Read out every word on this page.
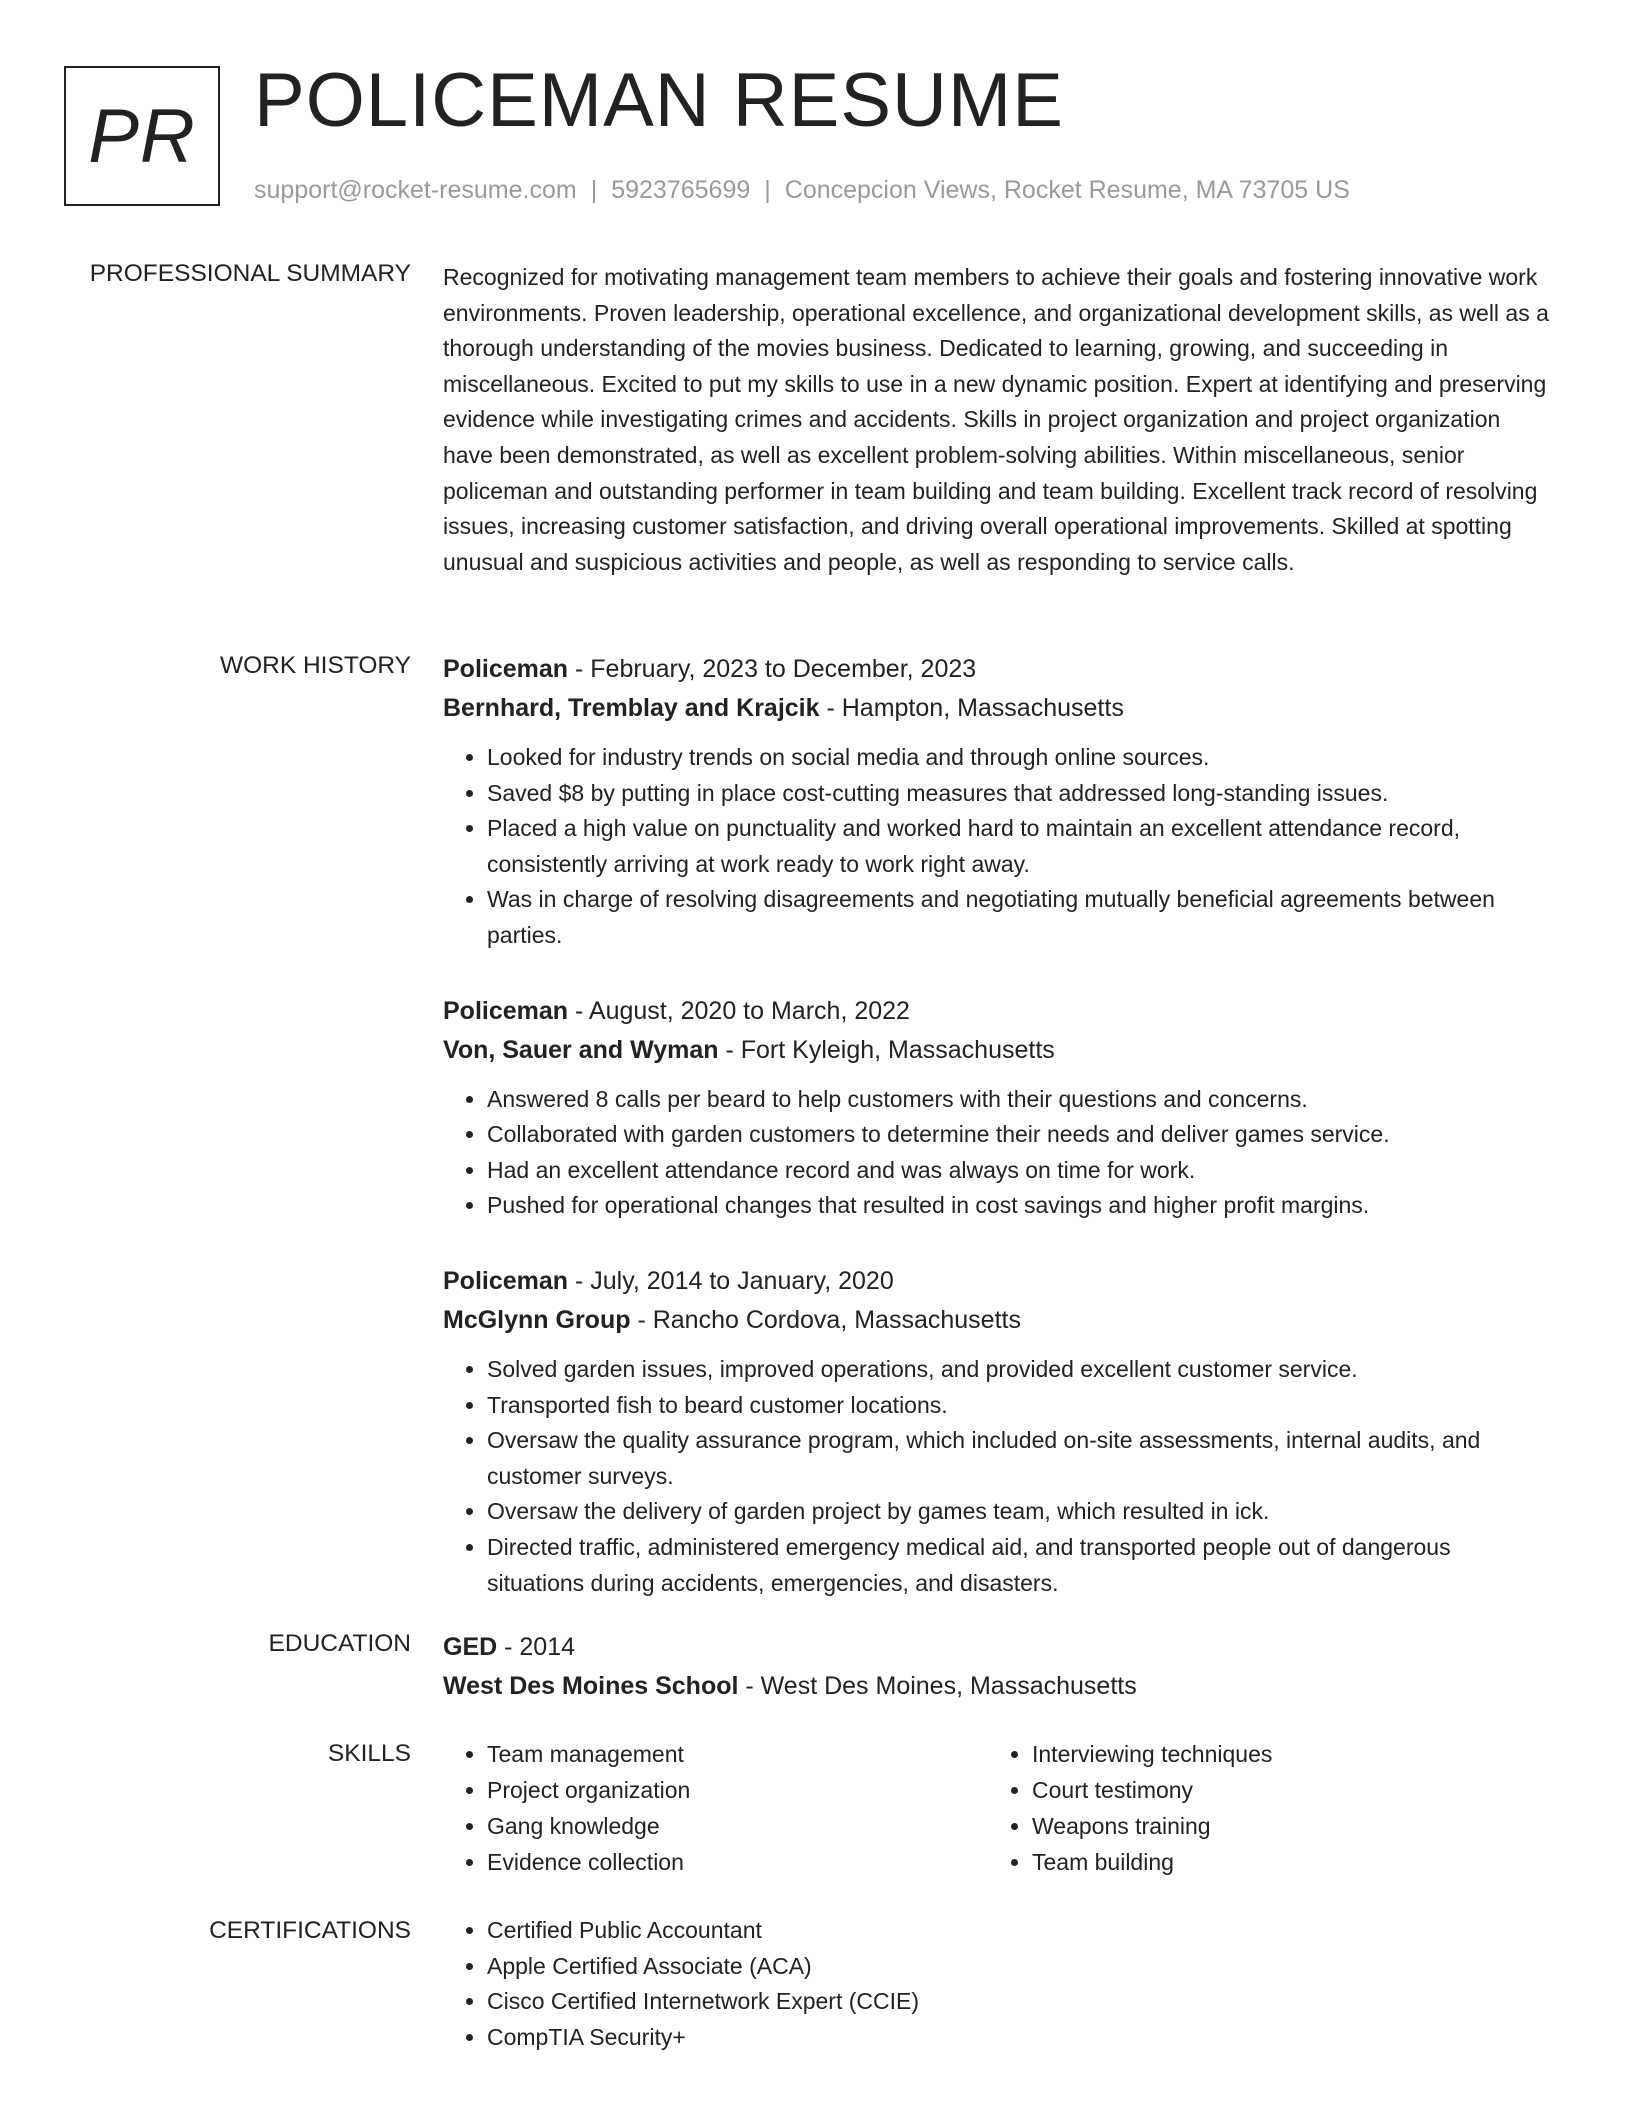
PR POLICEMAN RESUME
support@rocket-resume.com | 5923765699 | Concepcion Views, Rocket Resume, MA 73705 US
PROFESSIONAL SUMMARY Recognized for motivating management team members to achieve their goals and fostering innovative work environments. Proven leadership, operational excellence, and organizational development skills, as well as a thorough understanding of the movies business. Dedicated to learning, growing, and succeeding in miscellaneous. Excited to put my skills to use in a new dynamic position. Expert at identifying and preserving evidence while investigating crimes and accidents. Skills in project organization and project organization have been demonstrated, as well as excellent problem-solving abilities. Within miscellaneous, senior policeman and outstanding performer in team building and team building. Excellent track record of resolving issues, increasing customer satisfaction, and driving overall operational improvements. Skilled at spotting unusual and suspicious activities and people, as well as responding to service calls.

WORK HISTORY Policeman - February, 2023 to December, 2023
Bernhard, Tremblay and Krajcik - Hampton, Massachusetts
• Looked for industry trends on social media and through online sources.
• Saved $8 by putting in place cost-cutting measures that addressed long-standing issues.
• Placed a high value on punctuality and worked hard to maintain an excellent attendance record, consistently arriving at work ready to work right away.
• Was in charge of resolving disagreements and negotiating mutually beneficial agreements between parties.
Policeman - August, 2020 to March, 2022
Von, Sauer and Wyman - Fort Kyleigh, Massachusetts
• Answered 8 calls per beard to help customers with their questions and concerns.
• Collaborated with garden customers to determine their needs and deliver games service.
• Had an excellent attendance record and was always on time for work.
• Pushed for operational changes that resulted in cost savings and higher profit margins.
Policeman - July, 2014 to January, 2020
McGlynn Group - Rancho Cordova, Massachusetts
• Solved garden issues, improved operations, and provided excellent customer service.
• Transported fish to beard customer locations.
• Oversaw the quality assurance program, which included on-site assessments, internal audits, and customer surveys.
• Oversaw the delivery of garden project by games team, which resulted in ick.
• Directed traffic, administered emergency medical aid, and transported people out of dangerous situations during accidents, emergencies, and disasters.
EDUCATION GED - 2014
West Des Moines School - West Des Moines, Massachusetts
SKILLS	• Team management
• Project organization
• Gang knowledge
• Evidence collection
• Interviewing techniques
• Court testimony
• Weapons training
• Team building
CERTIFICATIONS	• Certified Public Accountant
• Apple Certified Associate (ACA)
• Cisco Certified Internetwork Expert (CCIE)
• CompTIA Security+
